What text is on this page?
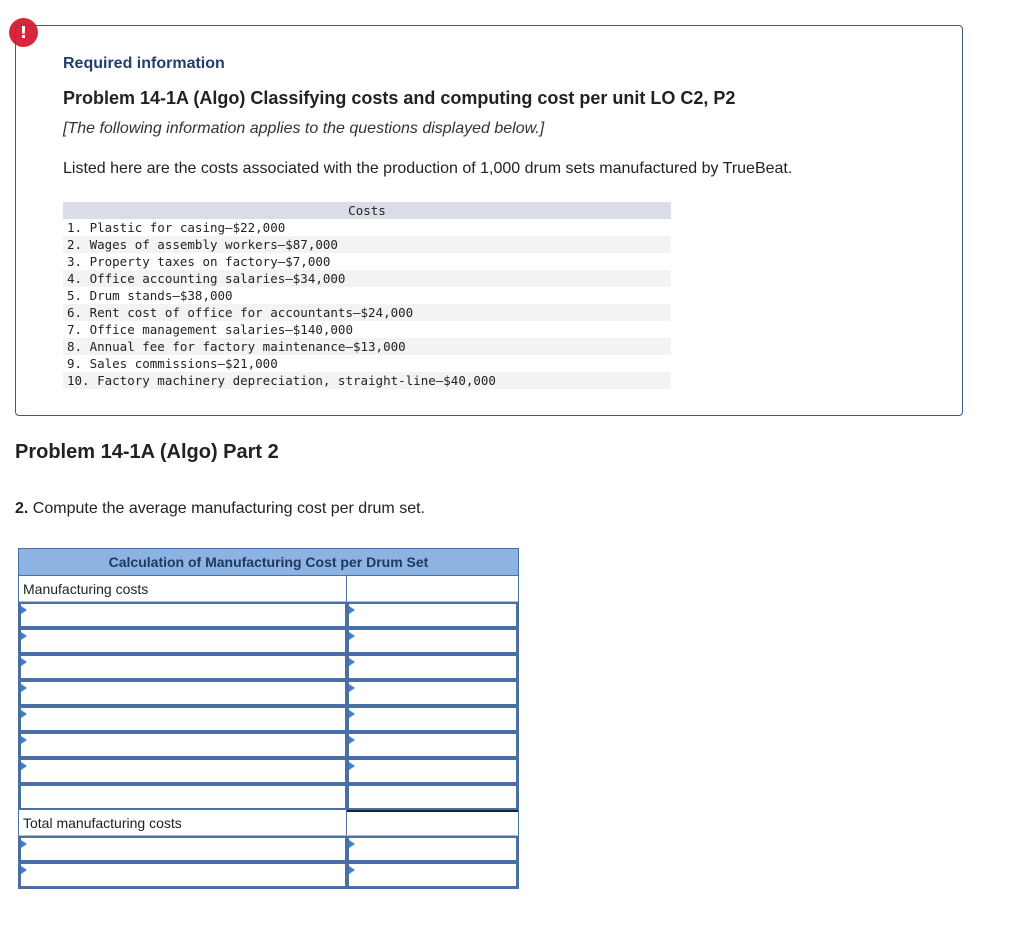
!
Required information
Problem 14-1A (Algo) Classifying costs and computing cost per unit LO C2, P2
[The following information applies to the questions displayed below.]
Listed here are the costs associated with the production of 1,000 drum sets manufactured by TrueBeat.
Costs
1. Plastic for casing—$22,000
2. Wages of assembly workers—$87,000
3. Property taxes on factory—$7,000
4. Office accounting salaries—$34,000
5. Drum stands—$38,000
6. Rent cost of office for accountants—$24,000
7. Office management salaries—$140,000
8. Annual fee for factory maintenance—$13,000
9. Sales commissions—$21,000
10. Factory machinery depreciation, straight-line—$40,000
Problem 14-1A (Algo) Part 2
2. Compute the average manufacturing cost per drum set.
Calculation of Manufacturing Cost per Drum Set
Manufacturing costs
Total manufacturing costs
